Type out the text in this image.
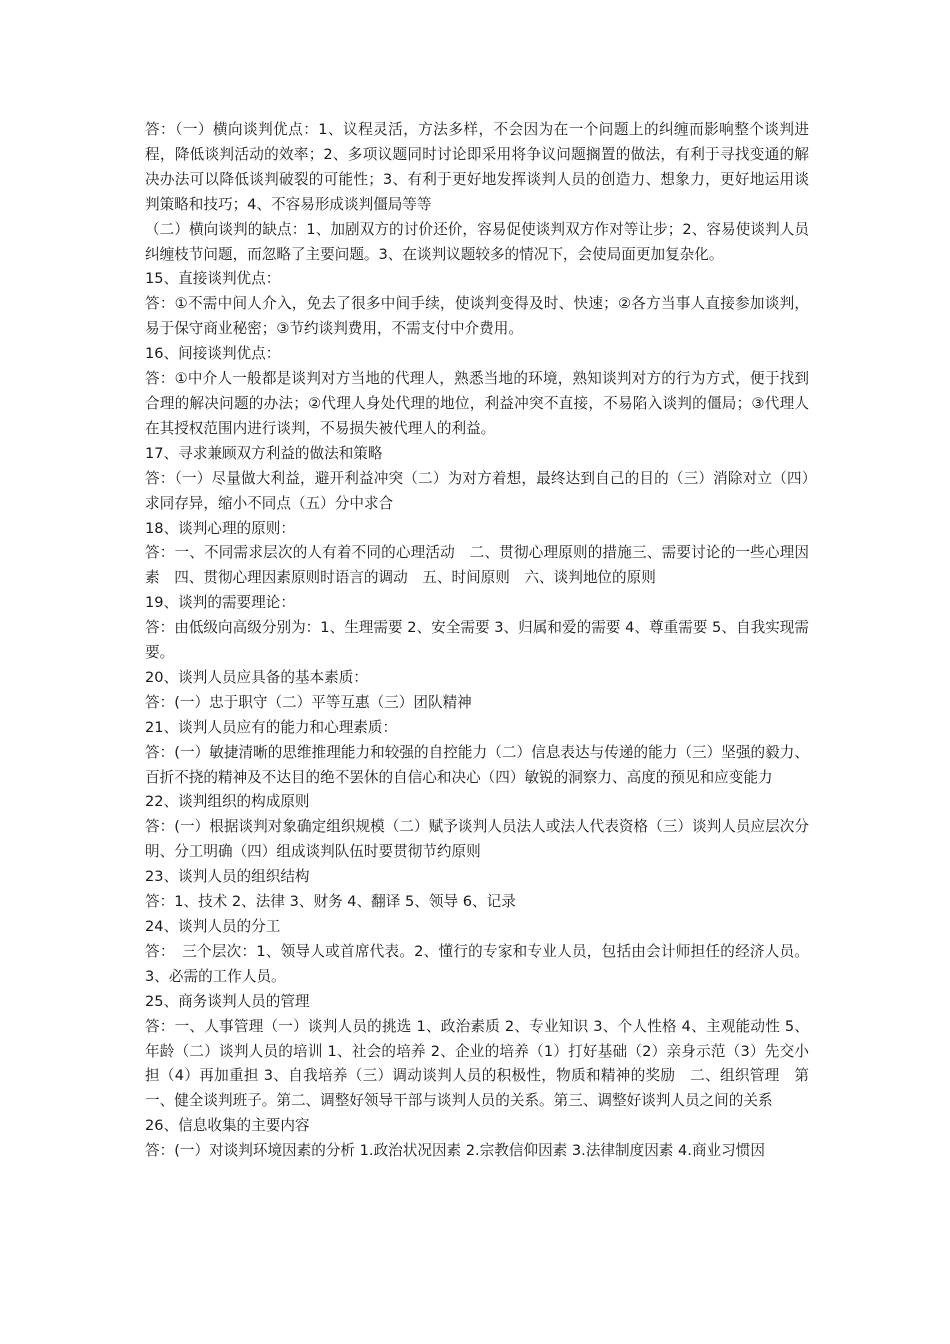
答：（一）横向谈判优点：1、议程灵活，方法多样，不会因为在一个问题上的纠缠而影响整个谈判进程，降低谈判活动的效率；2、多项议题同时讨论即采用将争议问题搁置的做法，有利于寻找变通的解决办法可以降低谈判破裂的可能性；3、有利于更好地发挥谈判人员的创造力、想象力，更好地运用谈判策略和技巧；4、不容易形成谈判僵局等等

（二）横向谈判的缺点：1、加剧双方的讨价还价，容易促使谈判双方作对等让步；2、容易使谈判人员纠缠枝节问题，而忽略了主要问题。3、在谈判议题较多的情况下，会使局面更加复杂化。

15、直接谈判优点：

答：①不需中间人介入，免去了很多中间手续，使谈判变得及时、快速；②各方当事人直接参加谈判，易于保守商业秘密；③节约谈判费用，不需支付中介费用。

16、间接谈判优点：

答：①中介人一般都是谈判对方当地的代理人，熟悉当地的环境，熟知谈判对方的行为方式，便于找到合理的解决问题的办法；②代理人身处代理的地位，利益冲突不直接，不易陷入谈判的僵局；③代理人在其授权范围内进行谈判，不易损失被代理人的利益。

17、寻求兼顾双方利益的做法和策略

答：（一）尽量做大利益，避开利益冲突（二）为对方着想，最终达到自己的目的（三）消除对立（四）求同存异，缩小不同点（五）分中求合

18、谈判心理的原则：

答：一、不同需求层次的人有着不同的心理活动　二、贯彻心理原则的措施三、需要讨论的一些心理因素　四、贯彻心理因素原则时语言的调动　五、时间原则　六、谈判地位的原则

19、谈判的需要理论：

答：由低级向高级分别为：1、生理需要 2、安全需要 3、归属和爱的需要 4、尊重需要 5、自我实现需要。

20、谈判人员应具备的基本素质：

答：(一）忠于职守（二）平等互惠（三）团队精神

21、谈判人员应有的能力和心理素质：

答：(一）敏捷清晰的思维推理能力和较强的自控能力（二）信息表达与传递的能力（三）坚强的毅力、百折不挠的精神及不达目的绝不罢休的自信心和决心（四）敏锐的洞察力、高度的预见和应变能力

22、谈判组织的构成原则

答：(一）根据谈判对象确定组织规模（二）赋予谈判人员法人或法人代表资格（三）谈判人员应层次分明、分工明确（四）组成谈判队伍时要贯彻节约原则

23、谈判人员的组织结构

答：1、技术 2、法律 3、财务 4、翻译 5、领导 6、记录

24、谈判人员的分工

答：　三个层次：1、领导人或首席代表。2、懂行的专家和专业人员，包括由会计师担任的经济人员。3、必需的工作人员。

25、商务谈判人员的管理

答：一、人事管理（一）谈判人员的挑选 1、政治素质 2、专业知识 3、个人性格 4、主观能动性 5、年龄（二）谈判人员的培训 1、社会的培养 2、企业的培养（1）打好基础（2）亲身示范（3）先交小担（4）再加重担 3、自我培养（三）调动谈判人员的积极性，物质和精神的奖励　二、组织管理　第一、健全谈判班子。第二、调整好领导干部与谈判人员的关系。第三、调整好谈判人员之间的关系

26、信息收集的主要内容

答：(一）对谈判环境因素的分析 1.政治状况因素 2.宗教信仰因素 3.法律制度因素 4.商业习惯因
